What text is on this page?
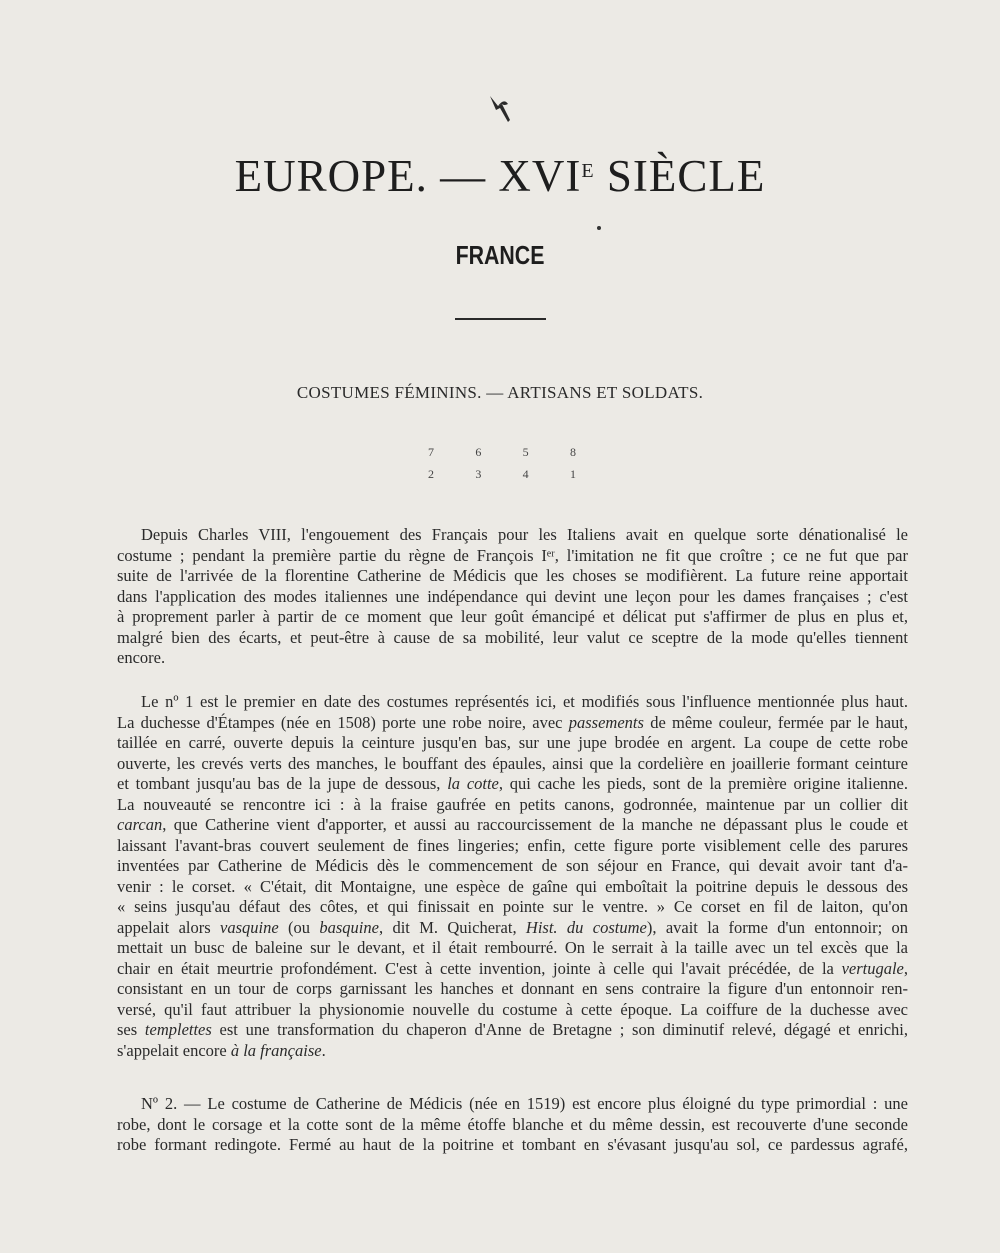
EUROPE. — $XVI^E$ SIÈCLE
FRANCE
COSTUMES FÉMININS. — ARTISANS ET SOLDATS.
7	6	5	8
2	3	4	1

Depuis Charles VIII, l'engouement des Français pour les Italiens avait en quelque sorte dénationalisé le
costume ; pendant la première partie du règne de François Iᵉʳ, l'imitation ne fit que croître ; ce ne fut que par
suite de l'arrivée de la florentine Catherine de Médicis que les choses se modifièrent. La future reine apportait
dans l'application des modes italiennes une indépendance qui devint une leçon pour les dames françaises ; c'est
à proprement parler à partir de ce moment que leur goût émancipé et délicat put s'affirmer de plus en plus et,
malgré bien des écarts, et peut-être à cause de sa mobilité, leur valut ce sceptre de la mode qu'elles tiennent
encore.

Le nº 1 est le premier en date des costumes représentés ici, et modifiés sous l'influence mentionnée plus haut.
La duchesse d'Étampes (née en 1508) porte une robe noire, avec passements de même couleur, fermée par le haut,
taillée en carré, ouverte depuis la ceinture jusqu'en bas, sur une jupe brodée en argent. La coupe de cette robe
ouverte, les crevés verts des manches, le bouffant des épaules, ainsi que la cordelière en joaillerie formant ceinture
et tombant jusqu'au bas de la jupe de dessous, la cotte, qui cache les pieds, sont de la première origine italienne.
La nouveauté se rencontre ici : à la fraise gaufrée en petits canons, godronnée, maintenue par un collier dit
carcan, que Catherine vient d'apporter, et aussi au raccourcissement de la manche ne dépassant plus le coude et
laissant l'avant-bras couvert seulement de fines lingeries; enfin, cette figure porte visiblement celle des parures
inventées par Catherine de Médicis dès le commencement de son séjour en France, qui devait avoir tant d'a-
venir : le corset. « C'était, dit Montaigne, une espèce de gaîne qui emboîtait la poitrine depuis le dessous des
« seins jusqu'au défaut des côtes, et qui finissait en pointe sur le ventre. » Ce corset en fil de laiton, qu'on
appelait alors vasquine (ou basquine, dit M. Quicherat, Hist. du costume), avait la forme d'un entonnoir; on
mettait un busc de baleine sur le devant, et il était rembourré. On le serrait à la taille avec un tel excès que la
chair en était meurtrie profondément. C'est à cette invention, jointe à celle qui l'avait précédée, de la vertugale,
consistant en un tour de corps garnissant les hanches et donnant en sens contraire la figure d'un entonnoir ren-
versé, qu'il faut attribuer la physionomie nouvelle du costume à cette époque. La coiffure de la duchesse avec
ses templettes est une transformation du chaperon d'Anne de Bretagne ; son diminutif relevé, dégagé et enrichi,
s'appelait encore à la française.

Nº 2. — Le costume de Catherine de Médicis (née en 1519) est encore plus éloigné du type primordial : une
robe, dont le corsage et la cotte sont de la même étoffe blanche et du même dessin, est recouverte d'une seconde
robe formant redingote. Fermé au haut de la poitrine et tombant en s'évasant jusqu'au sol, ce pardessus agrafé,
